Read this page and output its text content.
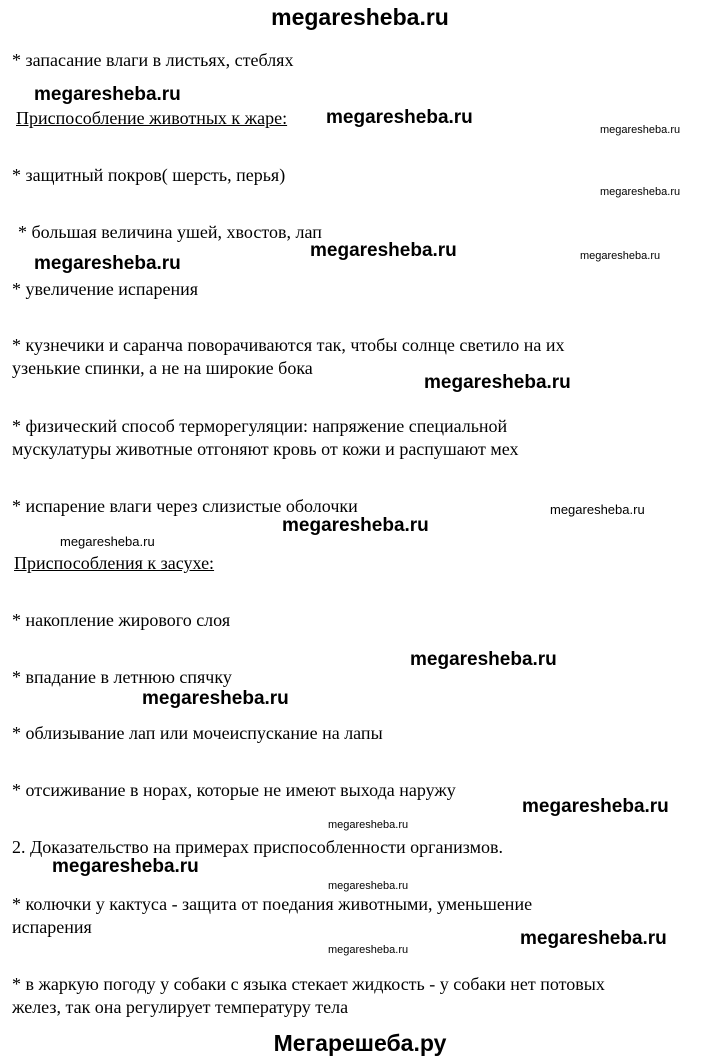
megaresheba.ru
* запасание влаги в листьях, стеблях
megaresheba.ru
Приспособление животных к жаре: megaresheba.ru
megaresheba.ru
* защитный покров( шерсть, перья)
megaresheba.ru
* большая величина ушей, хвостов, лап
megaresheba.ru	megaresheba.ru
megaresheba.ru
* увеличение испарения
* кузнечики и саранча поворачиваются так, чтобы солнце светило на их
узенькие спинки, а не на широкие бока
megaresheba.ru
* физический способ терморегуляции: напряжение специальной
мускулатуры животные отгоняют кровь от кожи и распушают мех
* испарение влаги через слизистые оболочки	megaresheba.ru
megaresheba.ru
megaresheba.ru
Приспособления к засухе:
* накопление жирового слоя
megaresheba.ru
* впадание в летнюю спячку
megaresheba.ru
* облизывание лап или мочеиспускание на лапы
* отсиживание в норах, которые не имеют выхода наружу
megaresheba.ru
megaresheba.ru
2. Доказательство на примерах приспособленности организмов.
megaresheba.ru
megaresheba.ru
* колючки у кактуса - защита от поедания животными, уменьшение
испарения
megaresheba.ru
megaresheba.ru
* в жаркую погоду у собаки с языка стекает жидкость - у собаки нет потовых
желез, так она регулирует температуру тела
Мегарешеба.ру
